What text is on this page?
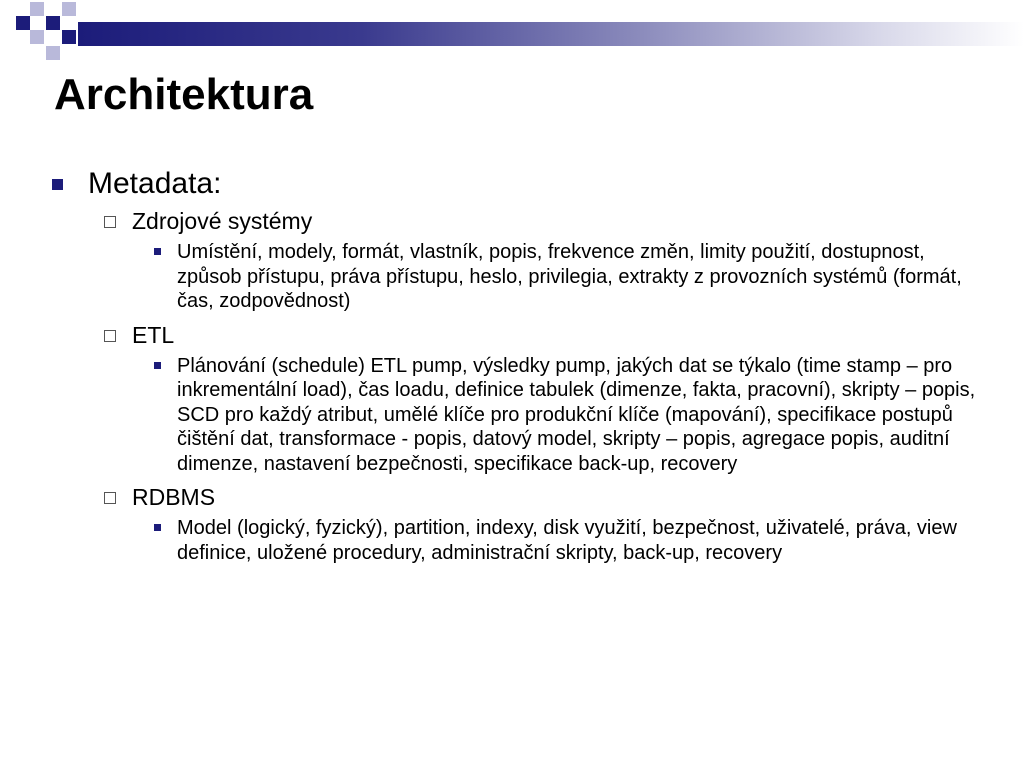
Architektura
Metadata:
Zdrojové systémy
Umístění, modely, formát, vlastník, popis, frekvence změn, limity použití, dostupnost, způsob přístupu, práva přístupu, heslo, privilegia, extrakty z provozních systémů (formát, čas, zodpovědnost)
ETL
Plánování (schedule) ETL pump, výsledky pump, jakých dat se týkalo (time stamp – pro inkrementální load), čas loadu, definice tabulek (dimenze, fakta, pracovní), skripty – popis, SCD pro každý atribut, umělé klíče pro produkční klíče (mapování), specifikace postupů čištění dat, transformace - popis, datový model, skripty – popis, agregace popis, auditní dimenze, nastavení bezpečnosti, specifikace back-up, recovery
RDBMS
Model (logický, fyzický), partition, indexy, disk využití, bezpečnost, uživatelé, práva, view definice, uložené procedury, administrační skripty, back-up, recovery
